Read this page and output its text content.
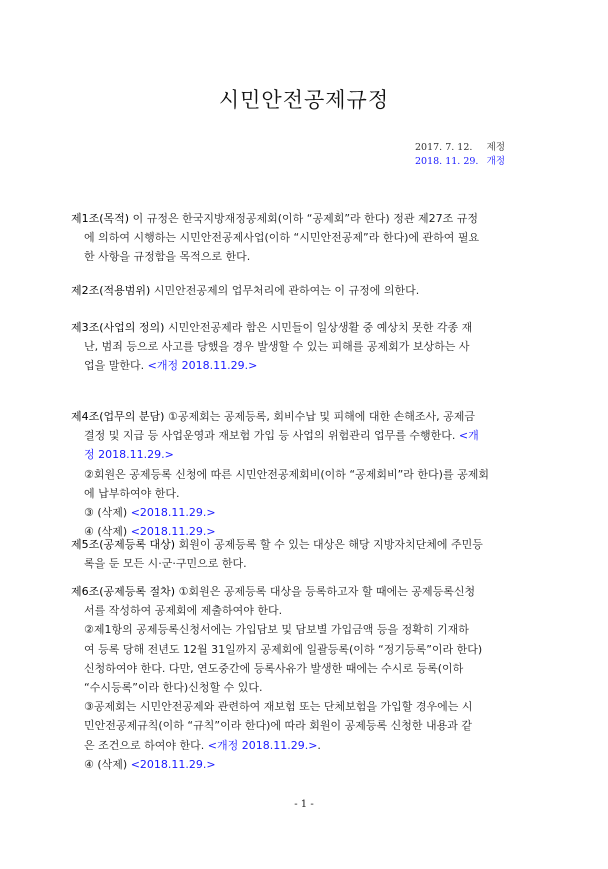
시민안전공제규정
2017. 7. 12.	제정
2018. 11. 29. 개정
제1조(목적) 이 규정은 한국지방재정공제회(이하 “공제회”라 한다) 정관 제27조 규정
에 의하여 시행하는 시민안전공제사업(이하 “시민안전공제”라 한다)에 관하여 필요
한 사항을 규정함을 목적으로 한다.
제2조(적용범위) 시민안전공제의 업무처리에 관하여는 이 규정에 의한다.
제3조(사업의 정의) 시민안전공제라 함은 시민들이 일상생활 중 예상치 못한 각종 재
난, 범죄 등으로 사고를 당했을 경우 발생할 수 있는 피해를 공제회가 보상하는 사
업을 말한다. <개정 2018.11.29.>
제4조(업무의 분담) ①공제회는 공제등록, 회비수납 및 피해에 대한 손해조사, 공제금
결정 및 지급 등 사업운영과 재보험 가입 등 사업의 위험관리 업무를 수행한다. <개
정 2018.11.29.>
②회원은 공제등록 신청에 따른 시민안전공제회비(이하 “공제회비”라 한다)를 공제회
에 납부하여야 한다.
③ (삭제) <2018.11.29.>
④ (삭제) <2018.11.29.>
제5조(공제등록 대상) 회원이 공제등록 할 수 있는 대상은 해당 지방자치단체에 주민등
록을 둔 모든 시·군·구민으로 한다.
제6조(공제등록 절차) ①회원은 공제등록 대상을 등록하고자 할 때에는 공제등록신청
서를 작성하여 공제회에 제출하여야 한다.
②제1항의 공제등록신청서에는 가입담보 및 담보별 가입금액 등을 정확히 기재하
여 등록 당해 전년도 12월 31일까지 공제회에 일괄등록(이하 “정기등록”이라 한다)
신청하여야 한다. 다만, 연도중간에 등록사유가 발생한 때에는 수시로 등록(이하
“수시등록”이라 한다)신청할 수 있다.
③공제회는 시민안전공제와 관련하여 재보험 또는 단체보험을 가입할 경우에는 시
민안전공제규칙(이하 “규칙”이라 한다)에 따라 회원이 공제등록 신청한 내용과 같
은 조건으로 하여야 한다. <개정 2018.11.29.>.
④ (삭제) <2018.11.29.>
- 1 -
